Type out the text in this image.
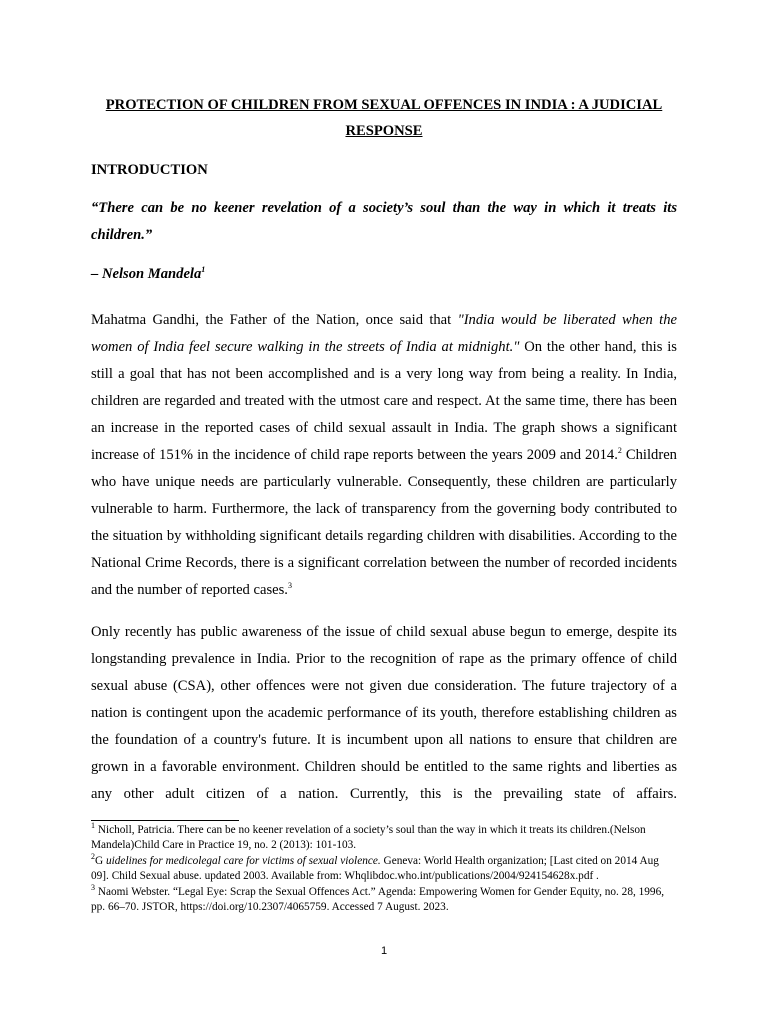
PROTECTION OF CHILDREN FROM SEXUAL OFFENCES IN INDIA : A JUDICIAL RESPONSE
INTRODUCTION
“There can be no keener revelation of a society’s soul than the way in which it treats its children.”
– Nelson Mandela$^1$
Mahatma Gandhi, the Father of the Nation, once said that "India would be liberated when the women of India feel secure walking in the streets of India at midnight." On the other hand, this is still a goal that has not been accomplished and is a very long way from being a reality. In India, children are regarded and treated with the utmost care and respect. At the same time, there has been an increase in the reported cases of child sexual assault in India. The graph shows a significant increase of 151% in the incidence of child rape reports between the years 2009 and 2014.$^2$ Children who have unique needs are particularly vulnerable. Consequently, these children are particularly vulnerable to harm. Furthermore, the lack of transparency from the governing body contributed to the situation by withholding significant details regarding children with disabilities. According to the National Crime Records, there is a significant correlation between the number of recorded incidents and the number of reported cases.$^3$
Only recently has public awareness of the issue of child sexual abuse begun to emerge, despite its longstanding prevalence in India. Prior to the recognition of rape as the primary offence of child sexual abuse (CSA), other offences were not given due consideration. The future trajectory of a nation is contingent upon the academic performance of its youth, therefore establishing children as the foundation of a country's future. It is incumbent upon all nations to ensure that children are grown in a favorable environment. Children should be entitled to the same rights and liberties as any other adult citizen of a nation. Currently, this is the prevailing state of affairs.

$^1$ Nicholl, Patricia. There can be no keener revelation of a society’s soul than the way in which it treats its children.(Nelson Mandela)Child Care in Practice 19, no. 2 (2013): 101-103.

$^2$G uidelines for medicolegal care for victims of sexual violence. Geneva: World Health organization; [Last cited on 2014 Aug 09]. Child Sexual abuse. updated 2003. Available from: Whqlibdoc.who.int/publications/2004/924154628x.pdf .

$^3$ Naomi Webster. “Legal Eye: Scrap the Sexual Offences Act.” Agenda: Empowering Women for Gender Equity, no. 28, 1996, pp. 66–70. JSTOR, https://doi.org/10.2307/4065759. Accessed 7 August. 2023.

1
